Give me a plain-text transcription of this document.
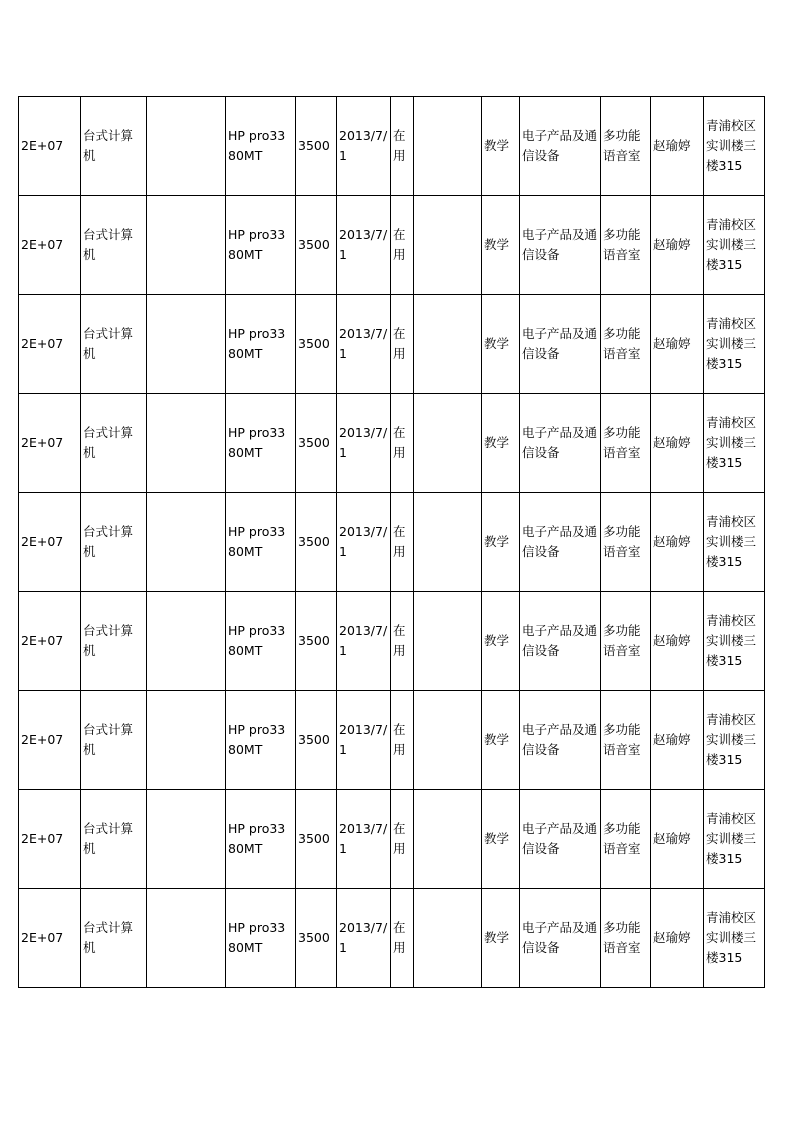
2E+07	台式计算机		HP pro3380MT	3500	2013/7/1	在用		教学	电子产品及通信设备	多功能语音室	赵瑜婷	青浦校区实训楼三楼315
2E+07	台式计算机		HP pro3380MT	3500	2013/7/1	在用		教学	电子产品及通信设备	多功能语音室	赵瑜婷	青浦校区实训楼三楼315
2E+07	台式计算机		HP pro3380MT	3500	2013/7/1	在用		教学	电子产品及通信设备	多功能语音室	赵瑜婷	青浦校区实训楼三楼315
2E+07	台式计算机		HP pro3380MT	3500	2013/7/1	在用		教学	电子产品及通信设备	多功能语音室	赵瑜婷	青浦校区实训楼三楼315
2E+07	台式计算机		HP pro3380MT	3500	2013/7/1	在用		教学	电子产品及通信设备	多功能语音室	赵瑜婷	青浦校区实训楼三楼315
2E+07	台式计算机		HP pro3380MT	3500	2013/7/1	在用		教学	电子产品及通信设备	多功能语音室	赵瑜婷	青浦校区实训楼三楼315
2E+07	台式计算机		HP pro3380MT	3500	2013/7/1	在用		教学	电子产品及通信设备	多功能语音室	赵瑜婷	青浦校区实训楼三楼315
2E+07	台式计算机		HP pro3380MT	3500	2013/7/1	在用		教学	电子产品及通信设备	多功能语音室	赵瑜婷	青浦校区实训楼三楼315
2E+07	台式计算机		HP pro3380MT	3500	2013/7/1	在用		教学	电子产品及通信设备	多功能语音室	赵瑜婷	青浦校区实训楼三楼315
